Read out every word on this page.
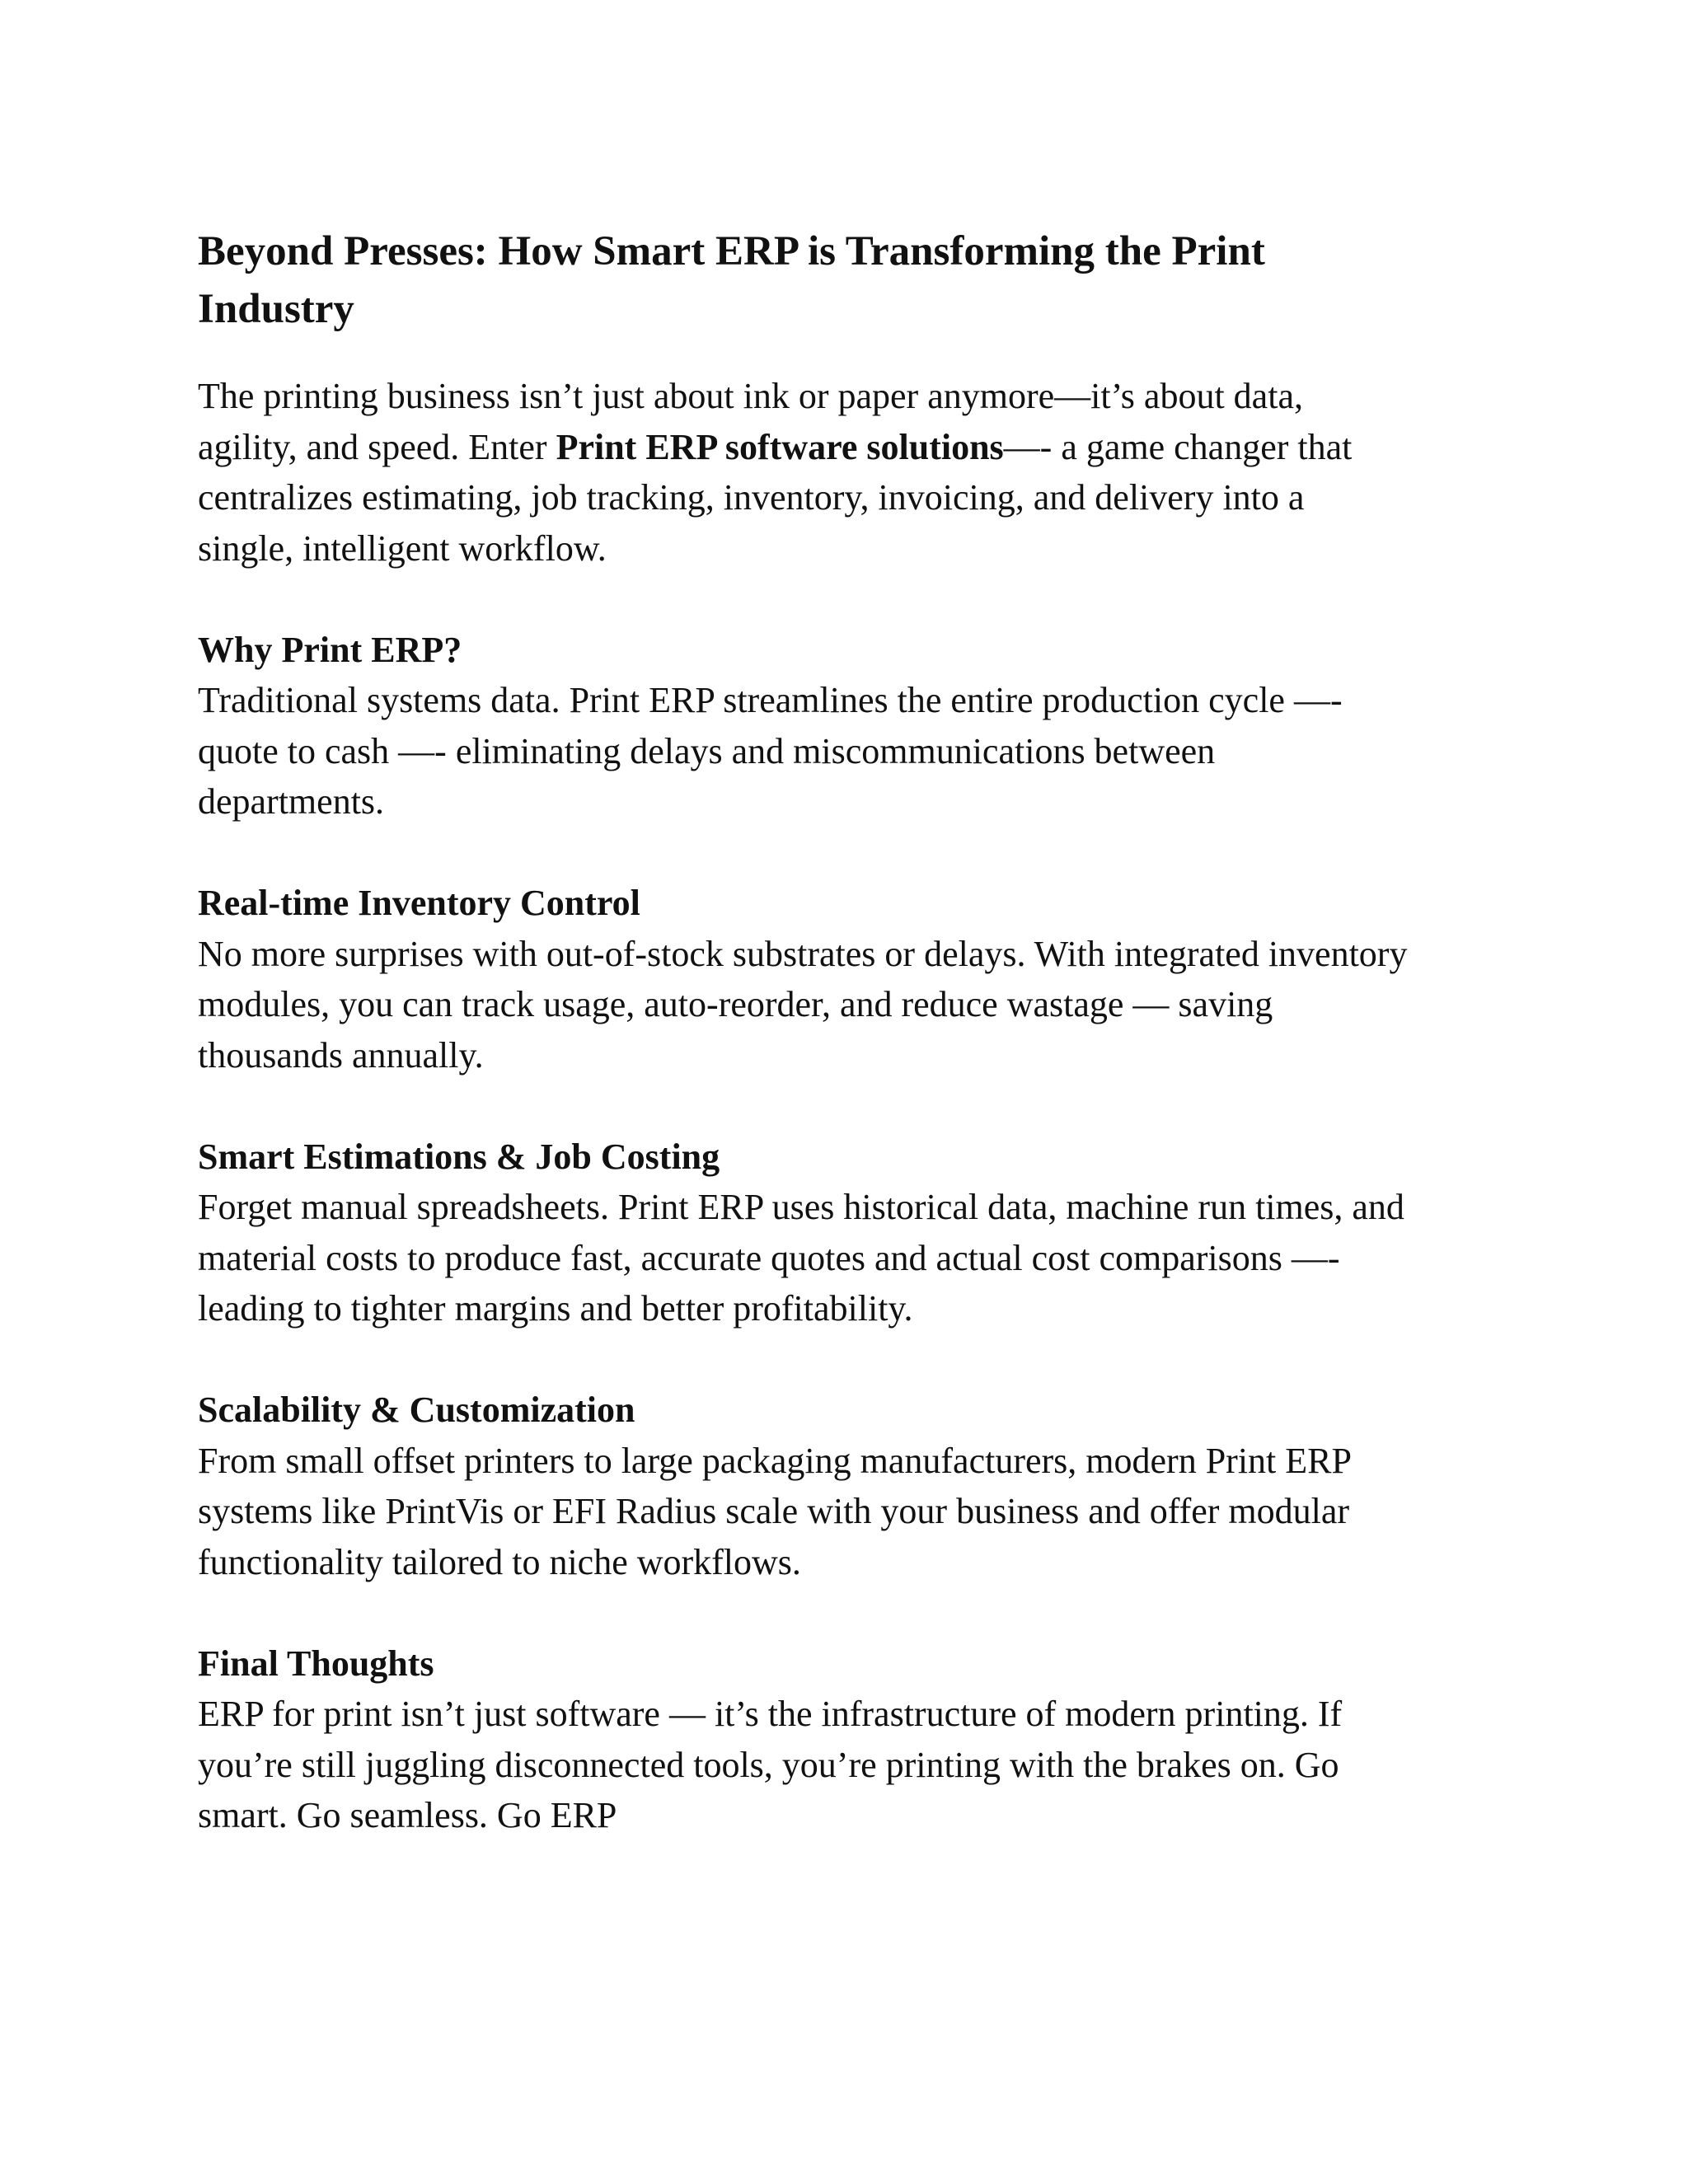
Beyond Presses: How Smart ERP is Transforming the Print
Industry
The printing business isn’t just about ink or paper anymore—it’s about data,
agility, and speed. Enter Print ERP software solutions—- a game changer that
centralizes estimating, job tracking, inventory, invoicing, and delivery into a
single, intelligent workflow.
Why Print ERP?
Traditional systems data. Print ERP streamlines the entire production cycle —-
quote to cash —- eliminating delays and miscommunications between
departments.
Real-time Inventory Control
No more surprises with out-of-stock substrates or delays. With integrated inventory
modules, you can track usage, auto-reorder, and reduce wastage — saving
thousands annually.
Smart Estimations & Job Costing
Forget manual spreadsheets. Print ERP uses historical data, machine run times, and
material costs to produce fast, accurate quotes and actual cost comparisons —-
leading to tighter margins and better profitability.
Scalability & Customization
From small offset printers to large packaging manufacturers, modern Print ERP
systems like PrintVis or EFI Radius scale with your business and offer modular
functionality tailored to niche workflows.
Final Thoughts
ERP for print isn’t just software — it’s the infrastructure of modern printing. If
you’re still juggling disconnected tools, you’re printing with the brakes on. Go
smart. Go seamless. Go ERP
